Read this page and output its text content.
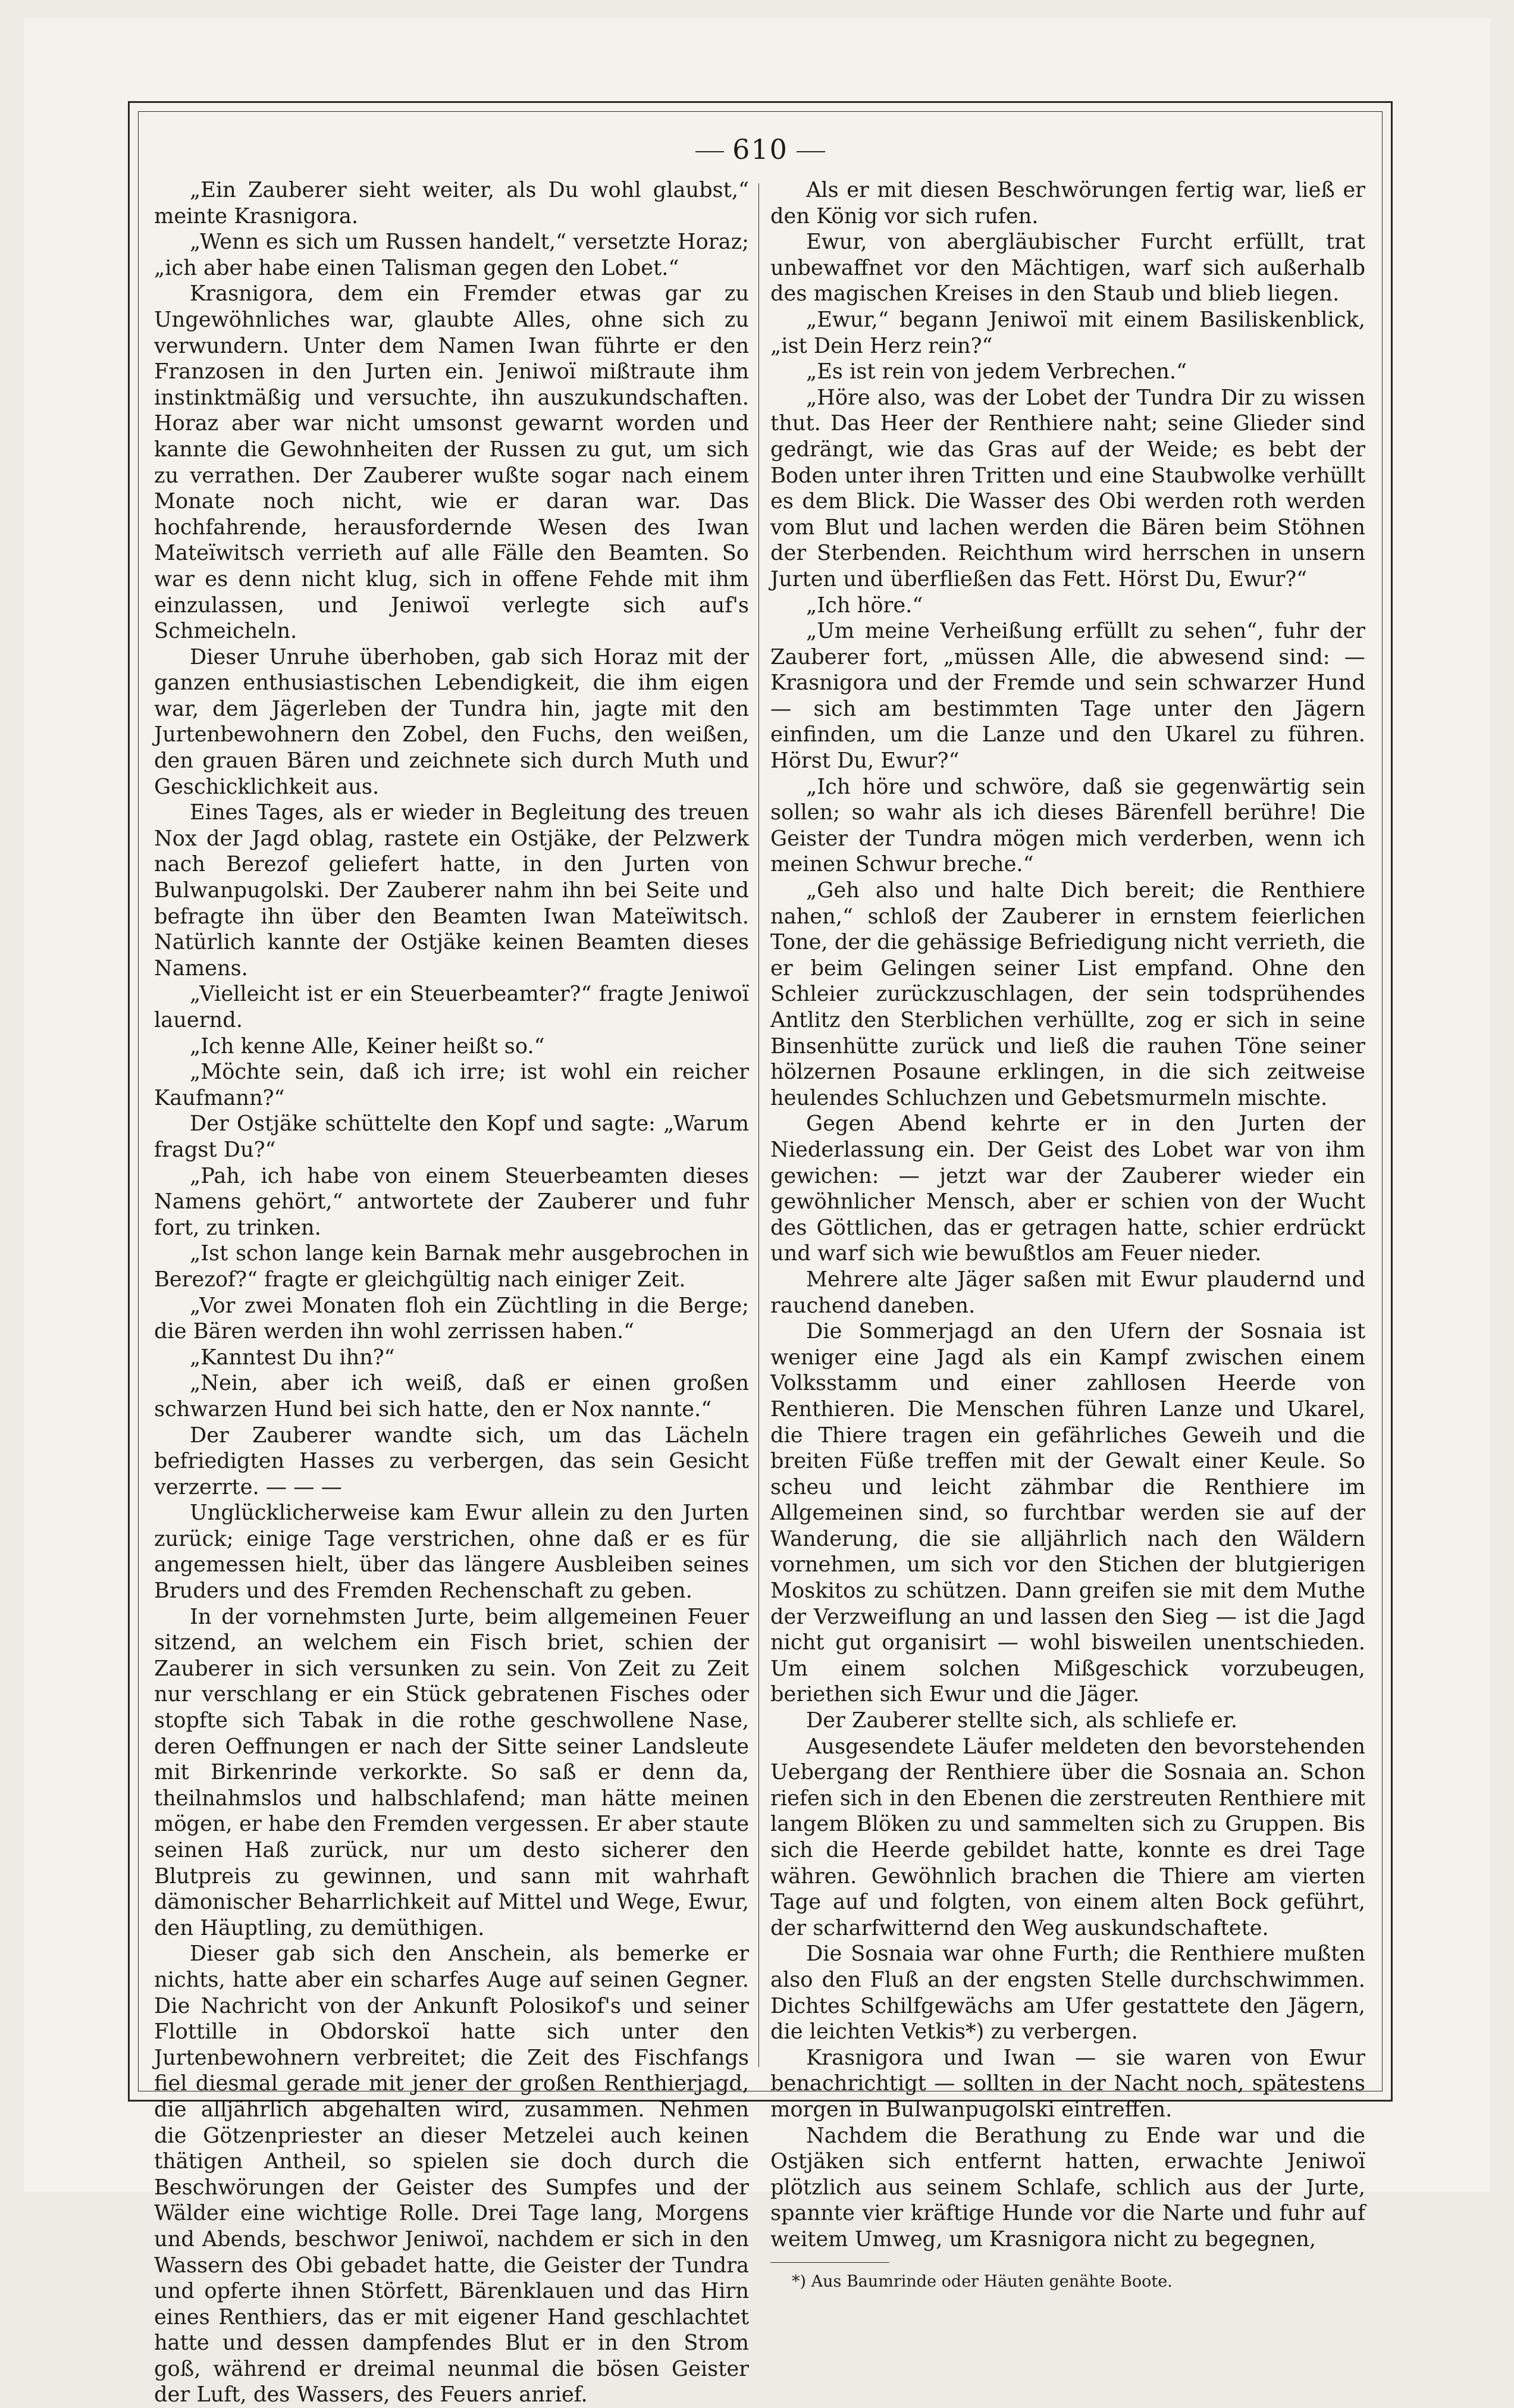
610

„Ein Zauberer sieht weiter, als Du wohl glaubst,“ meinte Krasnigora.

„Wenn es sich um Russen handelt,“ versetzte Horaz; „ich aber habe einen Talisman gegen den Lobet.“

Krasnigora, dem ein Fremder etwas gar zu Ungewöhnliches war, glaubte Alles, ohne sich zu verwundern. Unter dem Namen Iwan führte er den Franzosen in den Jurten ein. Jeniwoï mißtraute ihm instinktmäßig und versuchte, ihn auszukundschaften. Horaz aber war nicht umsonst gewarnt worden und kannte die Gewohnheiten der Russen zu gut, um sich zu verrathen. Der Zauberer wußte sogar nach einem Monate noch nicht, wie er daran war. Das hochfahrende, herausfordernde Wesen des Iwan Mateïwitsch verrieth auf alle Fälle den Beamten. So war es denn nicht klug, sich in offene Fehde mit ihm einzulassen, und Jeniwoï verlegte sich auf's Schmeicheln.

Dieser Unruhe überhoben, gab sich Horaz mit der ganzen enthusiastischen Lebendigkeit, die ihm eigen war, dem Jägerleben der Tundra hin, jagte mit den Jurtenbewohnern den Zobel, den Fuchs, den weißen, den grauen Bären und zeichnete sich durch Muth und Geschicklichkeit aus.

Eines Tages, als er wieder in Begleitung des treuen Nox der Jagd oblag, rastete ein Ostjäke, der Pelzwerk nach Berezof geliefert hatte, in den Jurten von Bulwanpugolski. Der Zauberer nahm ihn bei Seite und befragte ihn über den Beamten Iwan Mateïwitsch. Natürlich kannte der Ostjäke keinen Beamten dieses Namens.

„Vielleicht ist er ein Steuerbeamter?“ fragte Jeniwoï lauernd.

„Ich kenne Alle, Keiner heißt so.“

„Möchte sein, daß ich irre; ist wohl ein reicher Kaufmann?“

Der Ostjäke schüttelte den Kopf und sagte: „Warum fragst Du?“

„Pah, ich habe von einem Steuerbeamten dieses Namens gehört,“ antwortete der Zauberer und fuhr fort, zu trinken.

„Ist schon lange kein Barnak mehr ausgebrochen in Berezof?“ fragte er gleichgültig nach einiger Zeit.

„Vor zwei Monaten floh ein Züchtling in die Berge; die Bären werden ihn wohl zerrissen haben.“

„Kanntest Du ihn?“

„Nein, aber ich weiß, daß er einen großen schwarzen Hund bei sich hatte, den er Nox nannte.“

Der Zauberer wandte sich, um das Lächeln befriedigten Hasses zu verbergen, das sein Gesicht verzerrte. — — —

Unglücklicherweise kam Ewur allein zu den Jurten zurück; einige Tage verstrichen, ohne daß er es für angemessen hielt, über das längere Ausbleiben seines Bruders und des Fremden Rechenschaft zu geben.

In der vornehmsten Jurte, beim allgemeinen Feuer sitzend, an welchem ein Fisch briet, schien der Zauberer in sich versunken zu sein. Von Zeit zu Zeit nur verschlang er ein Stück gebratenen Fisches oder stopfte sich Tabak in die rothe geschwollene Nase, deren Oeffnungen er nach der Sitte seiner Landsleute mit Birkenrinde verkorkte. So saß er denn da, theilnahmslos und halbschlafend; man hätte meinen mögen, er habe den Fremden vergessen. Er aber staute seinen Haß zurück, nur um desto sicherer den Blutpreis zu gewinnen, und sann mit wahrhaft dämonischer Beharrlichkeit auf Mittel und Wege, Ewur, den Häuptling, zu demüthigen.

Dieser gab sich den Anschein, als bemerke er nichts, hatte aber ein scharfes Auge auf seinen Gegner. Die Nachricht von der Ankunft Polosikof's und seiner Flottille in Obdorskoï hatte sich unter den Jurtenbewohnern verbreitet; die Zeit des Fischfangs fiel diesmal gerade mit jener der großen Renthierjagd, die alljährlich abgehalten wird, zusammen. Nehmen die Götzenpriester an dieser Metzelei auch keinen thätigen Antheil, so spielen sie doch durch die Beschwörungen der Geister des Sumpfes und der Wälder eine wichtige Rolle. Drei Tage lang, Morgens und Abends, beschwor Jeniwoï, nachdem er sich in den Wassern des Obi gebadet hatte, die Geister der Tundra und opferte ihnen Störfett, Bärenklauen und das Hirn eines Renthiers, das er mit eigener Hand geschlachtet hatte und dessen dampfendes Blut er in den Strom goß, während er dreimal neunmal die bösen Geister der Luft, des Wassers, des Feuers anrief.

Als er mit diesen Beschwörungen fertig war, ließ er den König vor sich rufen.

Ewur, von abergläubischer Furcht erfüllt, trat unbewaffnet vor den Mächtigen, warf sich außerhalb des magischen Kreises in den Staub und blieb liegen.

„Ewur,“ begann Jeniwoï mit einem Basiliskenblick, „ist Dein Herz rein?“

„Es ist rein von jedem Verbrechen.“

„Höre also, was der Lobet der Tundra Dir zu wissen thut. Das Heer der Renthiere naht; seine Glieder sind gedrängt, wie das Gras auf der Weide; es bebt der Boden unter ihren Tritten und eine Staubwolke verhüllt es dem Blick. Die Wasser des Obi werden roth werden vom Blut und lachen werden die Bären beim Stöhnen der Sterbenden. Reichthum wird herrschen in unsern Jurten und überfließen das Fett. Hörst Du, Ewur?“

„Ich höre.“

„Um meine Verheißung erfüllt zu sehen“, fuhr der Zauberer fort, „müssen Alle, die abwesend sind: — Krasnigora und der Fremde und sein schwarzer Hund — sich am bestimmten Tage unter den Jägern einfinden, um die Lanze und den Ukarel zu führen. Hörst Du, Ewur?“

„Ich höre und schwöre, daß sie gegenwärtig sein sollen; so wahr als ich dieses Bärenfell berühre! Die Geister der Tundra mögen mich verderben, wenn ich meinen Schwur breche.“

„Geh also und halte Dich bereit; die Renthiere nahen,“ schloß der Zauberer in ernstem feierlichen Tone, der die gehässige Befriedigung nicht verrieth, die er beim Gelingen seiner List empfand. Ohne den Schleier zurückzuschlagen, der sein todsprühendes Antlitz den Sterblichen verhüllte, zog er sich in seine Binsenhütte zurück und ließ die rauhen Töne seiner hölzernen Posaune erklingen, in die sich zeitweise heulendes Schluchzen und Gebetsmurmeln mischte.

Gegen Abend kehrte er in den Jurten der Niederlassung ein. Der Geist des Lobet war von ihm gewichen: — jetzt war der Zauberer wieder ein gewöhnlicher Mensch, aber er schien von der Wucht des Göttlichen, das er getragen hatte, schier erdrückt und warf sich wie bewußtlos am Feuer nieder.

Mehrere alte Jäger saßen mit Ewur plaudernd und rauchend daneben.

Die Sommerjagd an den Ufern der Sosnaia ist weniger eine Jagd als ein Kampf zwischen einem Volksstamm und einer zahllosen Heerde von Renthieren. Die Menschen führen Lanze und Ukarel, die Thiere tragen ein gefährliches Geweih und die breiten Füße treffen mit der Gewalt einer Keule. So scheu und leicht zähmbar die Renthiere im Allgemeinen sind, so furchtbar werden sie auf der Wanderung, die sie alljährlich nach den Wäldern vornehmen, um sich vor den Stichen der blutgierigen Moskitos zu schützen. Dann greifen sie mit dem Muthe der Verzweiflung an und lassen den Sieg — ist die Jagd nicht gut organisirt — wohl bisweilen unentschieden. Um einem solchen Mißgeschick vorzubeugen, beriethen sich Ewur und die Jäger.

Der Zauberer stellte sich, als schliefe er.

Ausgesendete Läufer meldeten den bevorstehenden Uebergang der Renthiere über die Sosnaia an. Schon riefen sich in den Ebenen die zerstreuten Renthiere mit langem Blöken zu und sammelten sich zu Gruppen. Bis sich die Heerde gebildet hatte, konnte es drei Tage währen. Gewöhnlich brachen die Thiere am vierten Tage auf und folgten, von einem alten Bock geführt, der scharfwitternd den Weg auskundschaftete.

Die Sosnaia war ohne Furth; die Renthiere mußten also den Fluß an der engsten Stelle durchschwimmen. Dichtes Schilfgewächs am Ufer gestattete den Jägern, die leichten Vetkis*) zu verbergen.

Krasnigora und Iwan — sie waren von Ewur benachrichtigt — sollten in der Nacht noch, spätestens morgen in Bulwanpugolski eintreffen.

Nachdem die Berathung zu Ende war und die Ostjäken sich entfernt hatten, erwachte Jeniwoï plötzlich aus seinem Schlafe, schlich aus der Jurte, spannte vier kräftige Hunde vor die Narte und fuhr auf weitem Umweg, um Krasnigora nicht zu begegnen,

*) Aus Baumrinde oder Häuten genähte Boote.
